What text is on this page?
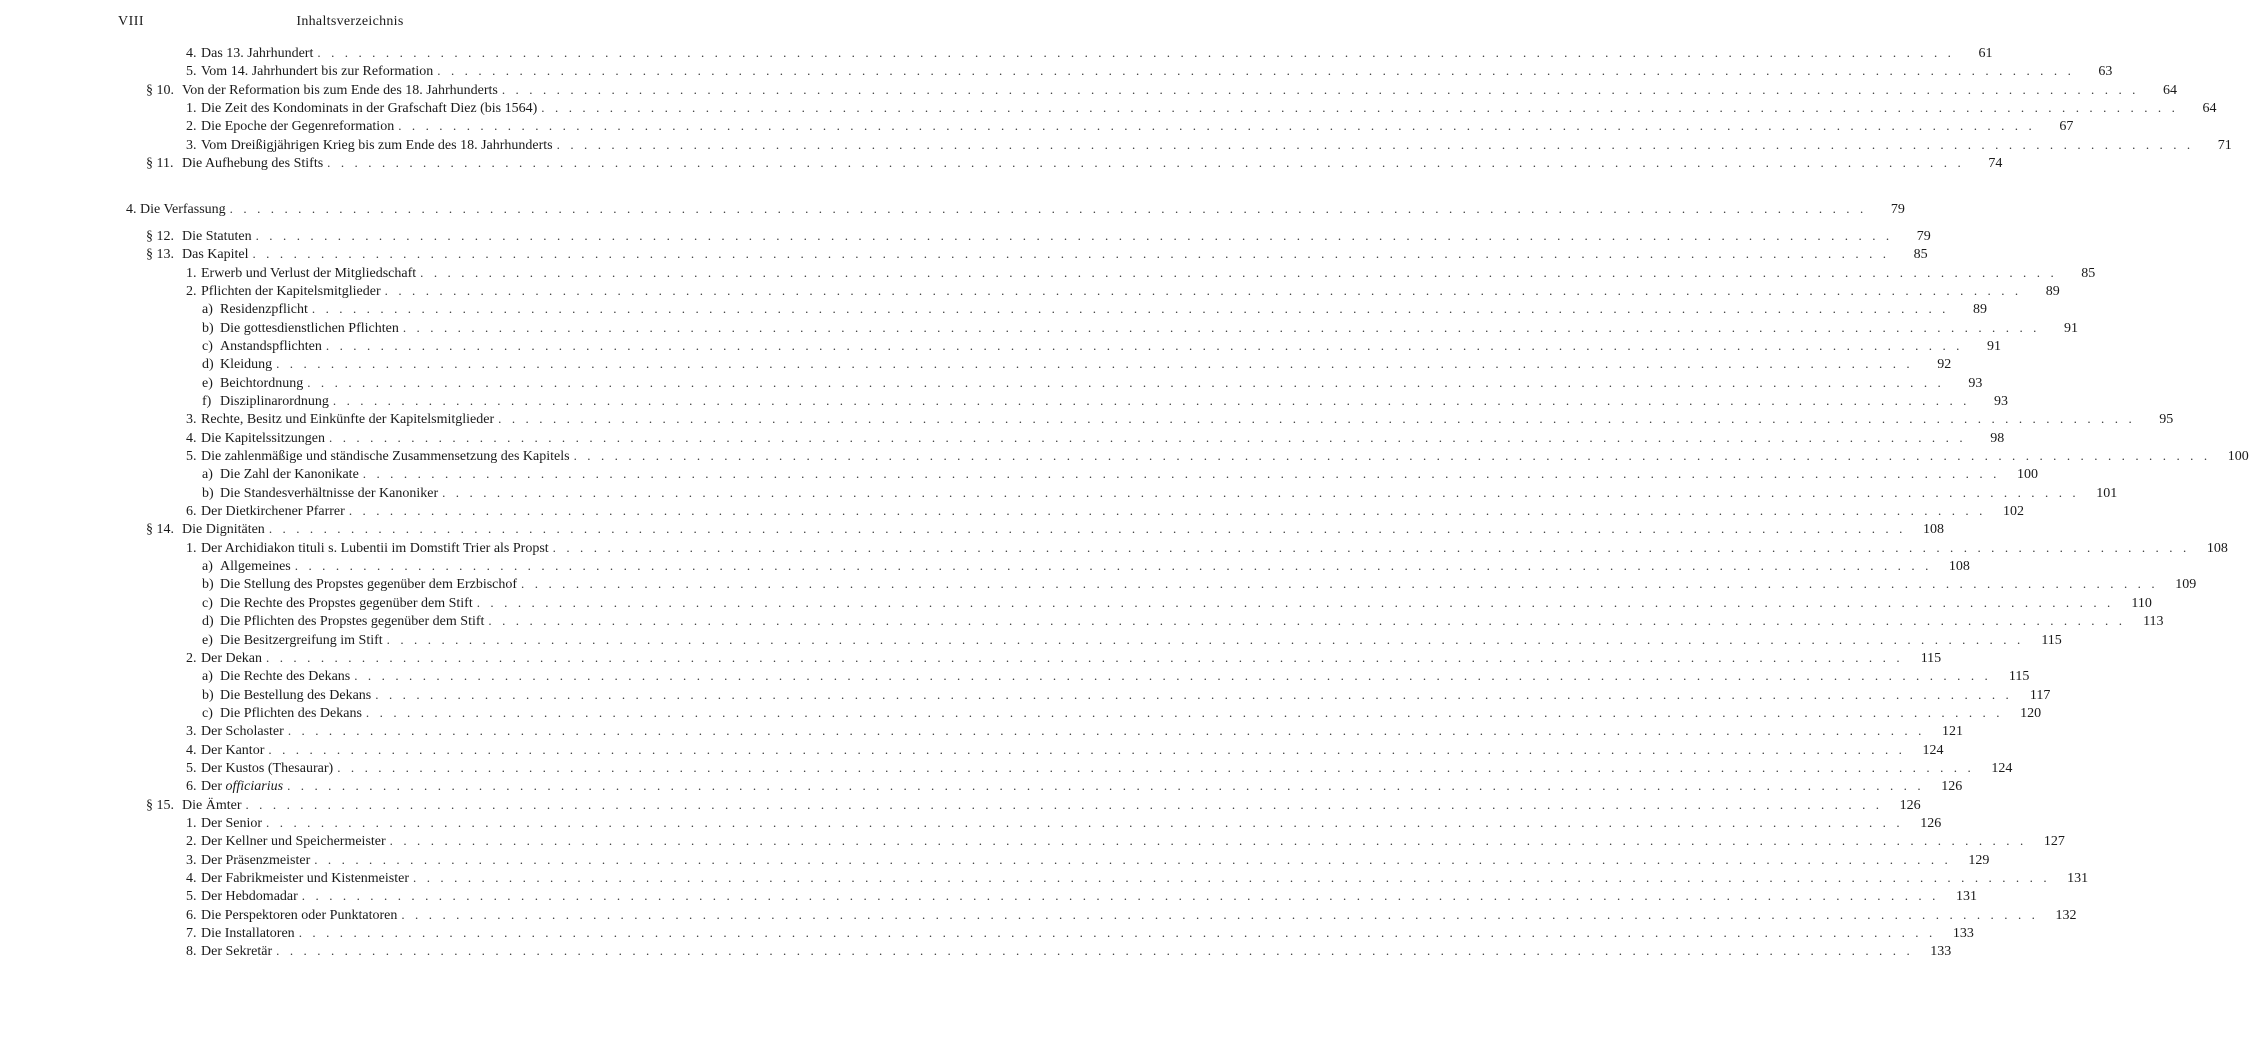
VIII	Inhaltsverzeichnis
4. Das 13. Jahrhundert . . . . . . . . . . . . . . . . . . . . . . . . . . . . . . . . . . . . . . . . . . . . . . . . . . . . . . . . . . . . . . . . . . . . . . . . . . . . . . . . . . . . . . . . . . . . . . . . . . . . . . . . . . . . . . . . . . . . . . . .	61
5. Vom 14. Jahrhundert bis zur Reformation . . . . . . . . . . . . . . . . . . . . . . . . . . . . . . . . . . . . . . . . . . . . . . . . . . . . . . . . . . . . . . . . . . . . . . . . . . . . . . . . . . . . . . . . . . . . . . . . . . . . . . . . . . . . . . . . . . . . . . . .	63
§ 10. Von der Reformation bis zum Ende des 18. Jahrhunderts . . . . . . . . . . . . . . . . . . . . . . . . . . . . . . . . . . . . . . . . . . . . . . . . . . . . . . . . . . . . . . . . . . . . . . . . . . . . . . . . . . . . . . . . . . . . . . . . . . . . . . . . . . . . . . . . . . . . . . . .	64
1. Die Zeit des Kondominats in der Grafschaft Diez (bis 1564) . . . . . . . . . . . . . . . . . . . . . . . . . . . . . . . . . . . . . . . . . . . . . . . . . . . . . . . . . . . . . . . . . . . . . . . . . . . . . . . . . . . . . . . . . . . . . . . . . . . . . . . . . . . . . . . . . . . . . . . .	64
2. Die Epoche der Gegenreformation . . . . . . . . . . . . . . . . . . . . . . . . . . . . . . . . . . . . . . . . . . . . . . . . . . . . . . . . . . . . . . . . . . . . . . . . . . . . . . . . . . . . . . . . . . . . . . . . . . . . . . . . . . . . . . . . . . . . . . . .	67
3. Vom Dreißigjährigen Krieg bis zum Ende des 18. Jahrhunderts . . . . . . . . . . . . . . . . . . . . . . . . . . . . . . . . . . . . . . . . . . . . . . . . . . . . . . . . . . . . . . . . . . . . . . . . . . . . . . . . . . . . . . . . . . . . . . . . . . . . . . . . . . . . . . . . . . . . . . . .	71
§ 11. Die Aufhebung des Stifts . . . . . . . . . . . . . . . . . . . . . . . . . . . . . . . . . . . . . . . . . . . . . . . . . . . . . . . . . . . . . . . . . . . . . . . . . . . . . . . . . . . . . . . . . . . . . . . . . . . . . . . . . . . . . . . . . . . . . . . .	74
4. Die Verfassung . . . . . . . . . . . . . . . . . . . . . . . . . . . . . . . . . . . . . . . . . . . . . . . . . . . . . . . . . . . . . . . . . . . . . . . . . . . . . . . . . . . . . . . . . . . . . . . . . . . . . . . . . . . . . . . . . . . . . . . .	79
§ 12. Die Statuten . . . . . . . . . . . . . . . . . . . . . . . . . . . . . . . . . . . . . . . . . . . . . . . . . . . . . . . . . . . . . . . . . . . . . . . . . . . . . . . . . . . . . . . . . . . . . . . . . . . . . . . . . . . . . . . . . . . . . . . .	79
§ 13. Das Kapitel . . . . . . . . . . . . . . . . . . . . . . . . . . . . . . . . . . . . . . . . . . . . . . . . . . . . . . . . . . . . . . . . . . . . . . . . . . . . . . . . . . . . . . . . . . . . . . . . . . . . . . . . . . . . . . . . . . . . . . . .	85
1. Erwerb und Verlust der Mitgliedschaft . . . . . . . . . . . . . . . . . . . . . . . . . . . . . . . . . . . . . . . . . . . . . . . . . . . . . . . . . . . . . . . . . . . . . . . . . . . . . . . . . . . . . . . . . . . . . . . . . . . . . . . . . . . . . . . . . . . . . . . .	85
2. Pflichten der Kapitelsmitglieder . . . . . . . . . . . . . . . . . . . . . . . . . . . . . . . . . . . . . . . . . . . . . . . . . . . . . . . . . . . . . . . . . . . . . . . . . . . . . . . . . . . . . . . . . . . . . . . . . . . . . . . . . . . . . . . . . . . . . . . .	89
a) Residenzpflicht . . . . . . . . . . . . . . . . . . . . . . . . . . . . . . . . . . . . . . . . . . . . . . . . . . . . . . . . . . . . . . . . . . . . . . . . . . . . . . . . . . . . . . . . . . . . . . . . . . . . . . . . . . . . . . . . . . . . . . . .	89
b) Die gottesdienstlichen Pflichten . . . . . . . . . . . . . . . . . . . . . . . . . . . . . . . . . . . . . . . . . . . . . . . . . . . . . . . . . . . . . . . . . . . . . . . . . . . . . . . . . . . . . . . . . . . . . . . . . . . . . . . . . . . . . . . . . . . . . . . .	91
c) Anstandspflichten . . . . . . . . . . . . . . . . . . . . . . . . . . . . . . . . . . . . . . . . . . . . . . . . . . . . . . . . . . . . . . . . . . . . . . . . . . . . . . . . . . . . . . . . . . . . . . . . . . . . . . . . . . . . . . . . . . . . . . . .	91
d) Kleidung . . . . . . . . . . . . . . . . . . . . . . . . . . . . . . . . . . . . . . . . . . . . . . . . . . . . . . . . . . . . . . . . . . . . . . . . . . . . . . . . . . . . . . . . . . . . . . . . . . . . . . . . . . . . . . . . . . . . . . . .	92
e) Beichtordnung . . . . . . . . . . . . . . . . . . . . . . . . . . . . . . . . . . . . . . . . . . . . . . . . . . . . . . . . . . . . . . . . . . . . . . . . . . . . . . . . . . . . . . . . . . . . . . . . . . . . . . . . . . . . . . . . . . . . . . . .	93
f) Disziplinarordnung . . . . . . . . . . . . . . . . . . . . . . . . . . . . . . . . . . . . . . . . . . . . . . . . . . . . . . . . . . . . . . . . . . . . . . . . . . . . . . . . . . . . . . . . . . . . . . . . . . . . . . . . . . . . . . . . . . . . . . . .	93
3. Rechte, Besitz und Einkünfte der Kapitelsmitglieder . . . . . . . . . . . . . . . . . . . . . . . . . . . . . . . . . . . . . . . . . . . . . . . . . . . . . . . . . . . . . . . . . . . . . . . . . . . . . . . . . . . . . . . . . . . . . . . . . . . . . . . . . . . . . . . . . . . . . . . .	95
4. Die Kapitelssitzungen . . . . . . . . . . . . . . . . . . . . . . . . . . . . . . . . . . . . . . . . . . . . . . . . . . . . . . . . . . . . . . . . . . . . . . . . . . . . . . . . . . . . . . . . . . . . . . . . . . . . . . . . . . . . . . . . . . . . . . . .	98
5. Die zahlenmäßige und ständische Zusammensetzung des Kapitels . . . . . . . . . . . . . . . . . . . . . . . . . . . . . . . . . . . . . . . . . . . . . . . . . . . . . . . . . . . . . . . . . . . . . . . . . . . . . . . . . . . . . . . . . . . . . . . . . . . . . . . . . . . . . . . . . . . . . . . .	100
a) Die Zahl der Kanonikate . . . . . . . . . . . . . . . . . . . . . . . . . . . . . . . . . . . . . . . . . . . . . . . . . . . . . . . . . . . . . . . . . . . . . . . . . . . . . . . . . . . . . . . . . . . . . . . . . . . . . . . . . . . . . . . . . . . . . . . .	100
b) Die Standesverhältnisse der Kanoniker . . . . . . . . . . . . . . . . . . . . . . . . . . . . . . . . . . . . . . . . . . . . . . . . . . . . . . . . . . . . . . . . . . . . . . . . . . . . . . . . . . . . . . . . . . . . . . . . . . . . . . . . . . . . . . . . . . . . . . . .	101
6. Der Dietkirchener Pfarrer . . . . . . . . . . . . . . . . . . . . . . . . . . . . . . . . . . . . . . . . . . . . . . . . . . . . . . . . . . . . . . . . . . . . . . . . . . . . . . . . . . . . . . . . . . . . . . . . . . . . . . . . . . . . . . . . . . . . . . . .	102
§ 14. Die Dignitäten . . . . . . . . . . . . . . . . . . . . . . . . . . . . . . . . . . . . . . . . . . . . . . . . . . . . . . . . . . . . . . . . . . . . . . . . . . . . . . . . . . . . . . . . . . . . . . . . . . . . . . . . . . . . . . . . . . . . . . . .	108
1. Der Archidiakon tituli s. Lubentii im Domstift Trier als Propst . . . . . . . . . . . . . . . . . . . . . . . . . . . . . . . . . . . . . . . . . . . . . . . . . . . . . . . . . . . . . . . . . . . . . . . . . . . . . . . . . . . . . . . . . . . . . . . . . . . . . . . . . . . . . . . . . . . . . . . .	108
a) Allgemeines . . . . . . . . . . . . . . . . . . . . . . . . . . . . . . . . . . . . . . . . . . . . . . . . . . . . . . . . . . . . . . . . . . . . . . . . . . . . . . . . . . . . . . . . . . . . . . . . . . . . . . . . . . . . . . . . . . . . . . . .	108
b) Die Stellung des Propstes gegenüber dem Erzbischof . . . . . . . . . . . . . . . . . . . . . . . . . . . . . . . . . . . . . . . . . . . . . . . . . . . . . . . . . . . . . . . . . . . . . . . . . . . . . . . . . . . . . . . . . . . . . . . . . . . . . . . . . . . . . . . . . . . . . . . .	109
c) Die Rechte des Propstes gegenüber dem Stift . . . . . . . . . . . . . . . . . . . . . . . . . . . . . . . . . . . . . . . . . . . . . . . . . . . . . . . . . . . . . . . . . . . . . . . . . . . . . . . . . . . . . . . . . . . . . . . . . . . . . . . . . . . . . . . . . . . . . . . .	110
d) Die Pflichten des Propstes gegenüber dem Stift . . . . . . . . . . . . . . . . . . . . . . . . . . . . . . . . . . . . . . . . . . . . . . . . . . . . . . . . . . . . . . . . . . . . . . . . . . . . . . . . . . . . . . . . . . . . . . . . . . . . . . . . . . . . . . . . . . . . . . . .	113
e) Die Besitzergreifung im Stift . . . . . . . . . . . . . . . . . . . . . . . . . . . . . . . . . . . . . . . . . . . . . . . . . . . . . . . . . . . . . . . . . . . . . . . . . . . . . . . . . . . . . . . . . . . . . . . . . . . . . . . . . . . . . . . . . . . . . . . .	115
2. Der Dekan . . . . . . . . . . . . . . . . . . . . . . . . . . . . . . . . . . . . . . . . . . . . . . . . . . . . . . . . . . . . . . . . . . . . . . . . . . . . . . . . . . . . . . . . . . . . . . . . . . . . . . . . . . . . . . . . . . . . . . . .	115
a) Die Rechte des Dekans . . . . . . . . . . . . . . . . . . . . . . . . . . . . . . . . . . . . . . . . . . . . . . . . . . . . . . . . . . . . . . . . . . . . . . . . . . . . . . . . . . . . . . . . . . . . . . . . . . . . . . . . . . . . . . . . . . . . . . . .	115
b) Die Bestellung des Dekans . . . . . . . . . . . . . . . . . . . . . . . . . . . . . . . . . . . . . . . . . . . . . . . . . . . . . . . . . . . . . . . . . . . . . . . . . . . . . . . . . . . . . . . . . . . . . . . . . . . . . . . . . . . . . . . . . . . . . . . .	117
c) Die Pflichten des Dekans . . . . . . . . . . . . . . . . . . . . . . . . . . . . . . . . . . . . . . . . . . . . . . . . . . . . . . . . . . . . . . . . . . . . . . . . . . . . . . . . . . . . . . . . . . . . . . . . . . . . . . . . . . . . . . . . . . . . . . . .	120
3. Der Scholaster . . . . . . . . . . . . . . . . . . . . . . . . . . . . . . . . . . . . . . . . . . . . . . . . . . . . . . . . . . . . . . . . . . . . . . . . . . . . . . . . . . . . . . . . . . . . . . . . . . . . . . . . . . . . . . . . . . . . . . . .	121
4. Der Kantor . . . . . . . . . . . . . . . . . . . . . . . . . . . . . . . . . . . . . . . . . . . . . . . . . . . . . . . . . . . . . . . . . . . . . . . . . . . . . . . . . . . . . . . . . . . . . . . . . . . . . . . . . . . . . . . . . . . . . . . .	124
5. Der Kustos (Thesaurar) . . . . . . . . . . . . . . . . . . . . . . . . . . . . . . . . . . . . . . . . . . . . . . . . . . . . . . . . . . . . . . . . . . . . . . . . . . . . . . . . . . . . . . . . . . . . . . . . . . . . . . . . . . . . . . . . . . . . . . . .	124
6. Der officiarius . . . . . . . . . . . . . . . . . . . . . . . . . . . . . . . . . . . . . . . . . . . . . . . . . . . . . . . . . . . . . . . . . . . . . . . . . . . . . . . . . . . . . . . . . . . . . . . . . . . . . . . . . . . . . . . . . . . . . . . .	126
§ 15. Die Ämter . . . . . . . . . . . . . . . . . . . . . . . . . . . . . . . . . . . . . . . . . . . . . . . . . . . . . . . . . . . . . . . . . . . . . . . . . . . . . . . . . . . . . . . . . . . . . . . . . . . . . . . . . . . . . . . . . . . . . . . .	126
1. Der Senior . . . . . . . . . . . . . . . . . . . . . . . . . . . . . . . . . . . . . . . . . . . . . . . . . . . . . . . . . . . . . . . . . . . . . . . . . . . . . . . . . . . . . . . . . . . . . . . . . . . . . . . . . . . . . . . . . . . . . . . .	126
2. Der Kellner und Speichermeister . . . . . . . . . . . . . . . . . . . . . . . . . . . . . . . . . . . . . . . . . . . . . . . . . . . . . . . . . . . . . . . . . . . . . . . . . . . . . . . . . . . . . . . . . . . . . . . . . . . . . . . . . . . . . . . . . . . . . . . .	127
3. Der Präsenzmeister . . . . . . . . . . . . . . . . . . . . . . . . . . . . . . . . . . . . . . . . . . . . . . . . . . . . . . . . . . . . . . . . . . . . . . . . . . . . . . . . . . . . . . . . . . . . . . . . . . . . . . . . . . . . . . . . . . . . . . . .	129
4. Der Fabrikmeister und Kistenmeister . . . . . . . . . . . . . . . . . . . . . . . . . . . . . . . . . . . . . . . . . . . . . . . . . . . . . . . . . . . . . . . . . . . . . . . . . . . . . . . . . . . . . . . . . . . . . . . . . . . . . . . . . . . . . . . . . . . . . . . .	131
5. Der Hebdomadar . . . . . . . . . . . . . . . . . . . . . . . . . . . . . . . . . . . . . . . . . . . . . . . . . . . . . . . . . . . . . . . . . . . . . . . . . . . . . . . . . . . . . . . . . . . . . . . . . . . . . . . . . . . . . . . . . . . . . . . .	131
6. Die Perspektoren oder Punktatoren . . . . . . . . . . . . . . . . . . . . . . . . . . . . . . . . . . . . . . . . . . . . . . . . . . . . . . . . . . . . . . . . . . . . . . . . . . . . . . . . . . . . . . . . . . . . . . . . . . . . . . . . . . . . . . . . . . . . . . . .	132
7. Die Installatoren . . . . . . . . . . . . . . . . . . . . . . . . . . . . . . . . . . . . . . . . . . . . . . . . . . . . . . . . . . . . . . . . . . . . . . . . . . . . . . . . . . . . . . . . . . . . . . . . . . . . . . . . . . . . . . . . . . . . . . . .	133
8. Der Sekretär . . . . . . . . . . . . . . . . . . . . . . . . . . . . . . . . . . . . . . . . . . . . . . . . . . . . . . . . . . . . . . . . . . . . . . . . . . . . . . . . . . . . . . . . . . . . . . . . . . . . . . . . . . . . . . . . . . . . . . . .	133
